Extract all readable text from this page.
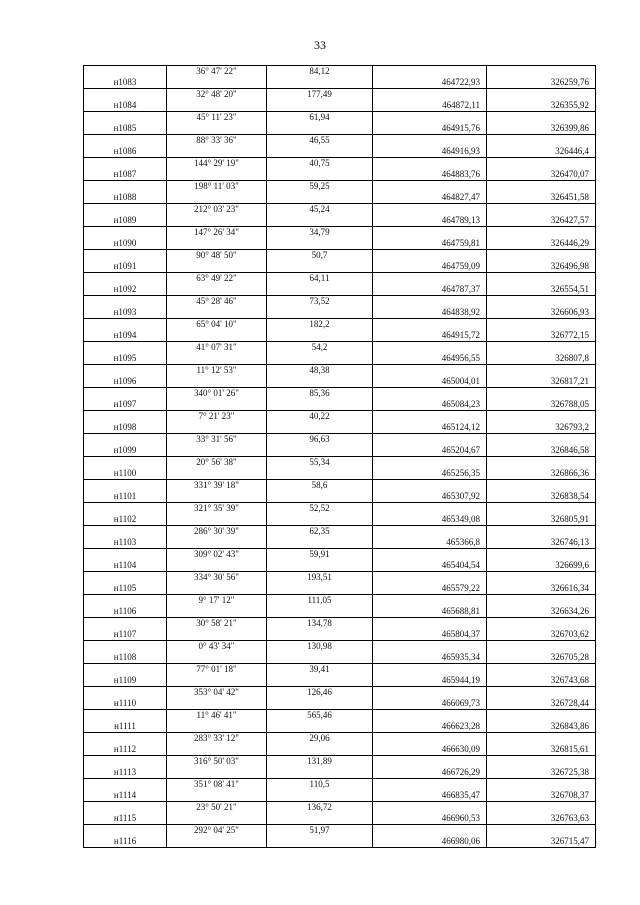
33
н1083	36° 47' 22"	84,12	464722,93	326259,76

н1084	32° 48' 20"	177,49	464872,11	326355,92

н1085	45° 11' 23"	61,94	464915,76	326399,86

н1086	88° 33' 36"	46,55	464916,93	326446,4

н1087	144° 29' 19"	40,75	464883,76	326470,07

н1088	198° 11' 03"	59,25	464827,47	326451,58

н1089	212° 03' 23"	45,24	464789,13	326427,57

н1090	147° 26' 34"	34,79	464759,81	326446,29

н1091	90° 48' 50"	50,7	464759,09	326496,98

н1092	63° 49' 22"	64,11	464787,37	326554,51

н1093	45° 28' 46"	73,52	464838,92	326606,93

н1094	65° 04' 10"	182,2	464915,72	326772,15

н1095	41° 07' 31"	54,2	464956,55	326807,8

н1096	11° 12' 53"	48,38	465004,01	326817,21

н1097	340° 01' 26"	85,36	465084,23	326788,05

н1098	7° 21' 23"	40,22	465124,12	326793,2

н1099	33° 31' 56"	96,63	465204,67	326846,58

н1100	20° 56' 38"	55,34	465256,35	326866,36

н1101	331° 39' 18"	58,6	465307,92	326838,54

н1102	321° 35' 39"	52,52	465349,08	326805,91

н1103	286° 30' 39"	62,35	465366,8	326746,13

н1104	309° 02' 43"	59,91	465404,54	326699,6

н1105	334° 30' 56"	193,51	465579,22	326616,34

н1106	9° 17' 12"	111,05	465688,81	326634,26

н1107	30° 58' 21"	134,78	465804,37	326703,62

н1108	0° 43' 34"	130,98	465935,34	326705,28

н1109	77° 01' 18"	39,41	465944,19	326743,68

н1110	353° 04' 42"	126,46	466069,73	326728,44

н1111	11° 46' 41"	565,46	466623,28	326843,86

н1112	283° 33' 12"	29,06	466630,09	326815,61

н1113	316° 50' 03"	131,89	466726,29	326725,38

н1114	351° 08' 41"	110,5	466835,47	326708,37

н1115	23° 50' 21"	136,72	466960,53	326763,63

н1116	292° 04' 25"	51,97	466980,06	326715,47
